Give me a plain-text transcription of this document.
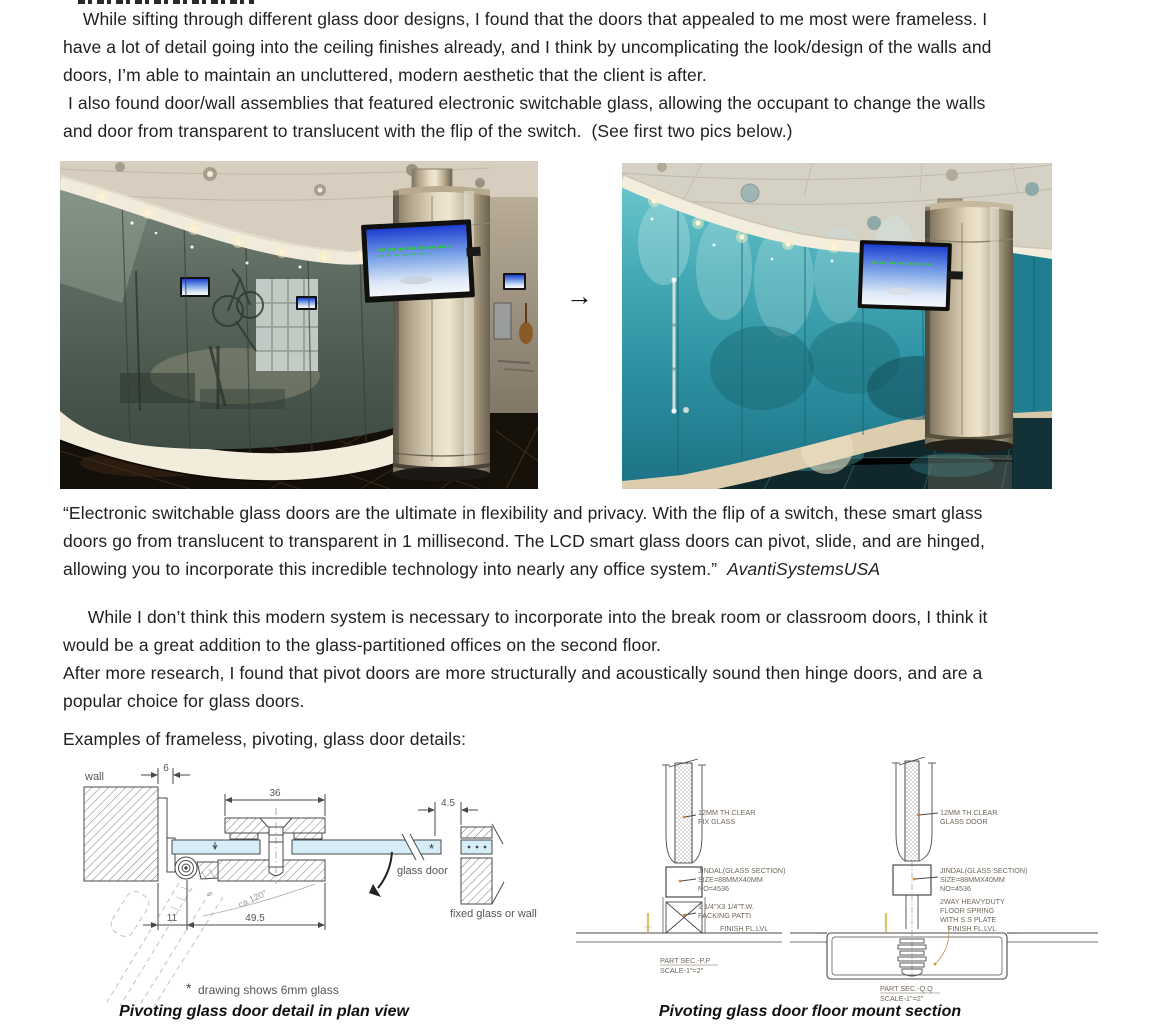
While sifting through different glass door designs, I found that the doors that appealed to me most were frameless. I
have a lot of detail going into the ceiling finishes already, and I think by uncomplicating the look/design of the walls and
doors, I’m able to maintain an uncluttered, modern aesthetic that the client is after.
I also found door/wall assemblies that featured electronic switchable glass, allowing the occupant to change the walls
and door from transparent to translucent with the flip of the switch.  (See first two pics below.)
→
“Electronic switchable glass doors are the ultimate in flexibility and privacy. With the flip of a switch, these smart glass
doors go from translucent to transparent in 1 millisecond. The LCD smart glass doors can pivot, slide, and are hinged,
allowing you to incorporate this incredible technology into nearly any office system.”  AvantiSystemsUSA
While I don’t think this modern system is necessary to incorporate into the break room or classroom doors, I think it
would be a great addition to the glass-partitioned offices on the second floor.
After more research, I found that pivot doors are more structurally and acoustically sound then hinge doors, and are a
popular choice for glass doors.
Examples of frameless, pivoting, glass door details:
wall
*
fixed glass or wall
glass door
ca.120°
5
6
36
4.5
11	49.5
* drawing shows 6mm glass
12MM TH.CLEAR
FIX GLASS
JINDAL(GLASS SECTION)
SIZE=88MMX40MM
NO=4536
1 1/4"X3 1/4"T.W.
PACKING PATTI
FINISH FL.LVL
PART SEC.-P.P
SCALE-1"=2"
12MM TH.CLEAR
GLASS DOOR
JINDAL(GLASS SECTION)
SIZE=88MMX40MM
NO=4536
2WAY HEAVYDUTY
FLOOR SPRING
WITH S.S PLATE
FINISH FL.LVL
PART SEC.-Q.Q
SCALE-1"=2"
Pivoting glass door detail in plan view	Pivoting glass door floor mount section
